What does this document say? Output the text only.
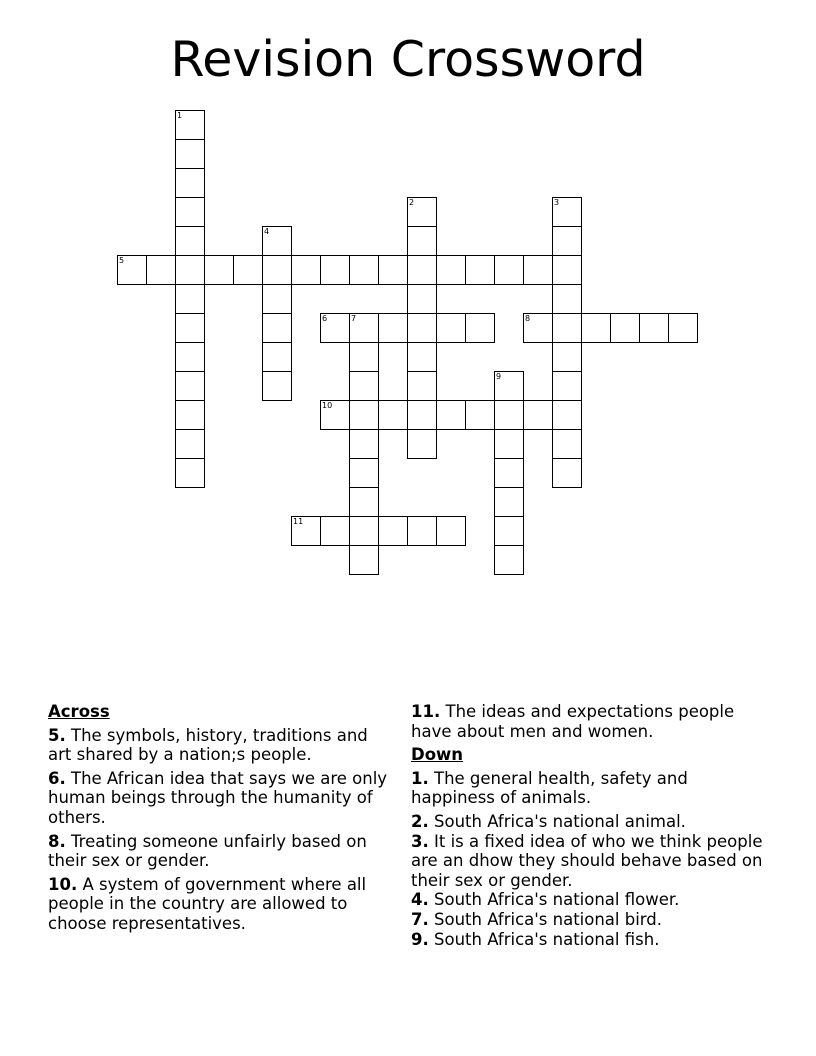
Revision Crossword
1
2	3
4
5
6	7	8
9
10
11
Across
5. The symbols, history, traditions and art shared by a nation;s people.
6. The African idea that says we are only human beings through the humanity of others.
8. Treating someone unfairly based on their sex or gender.
10. A system of government where all people in the country are allowed to choose representatives.
11. The ideas and expectations people have about men and women.
Down
1. The general health, safety and happiness of animals.
2. South Africa's national animal.
3. It is a fixed idea of who we think people are an dhow they should behave based on their sex or gender.
4. South Africa's national flower.
7. South Africa's national bird.
9. South Africa's national fish.
